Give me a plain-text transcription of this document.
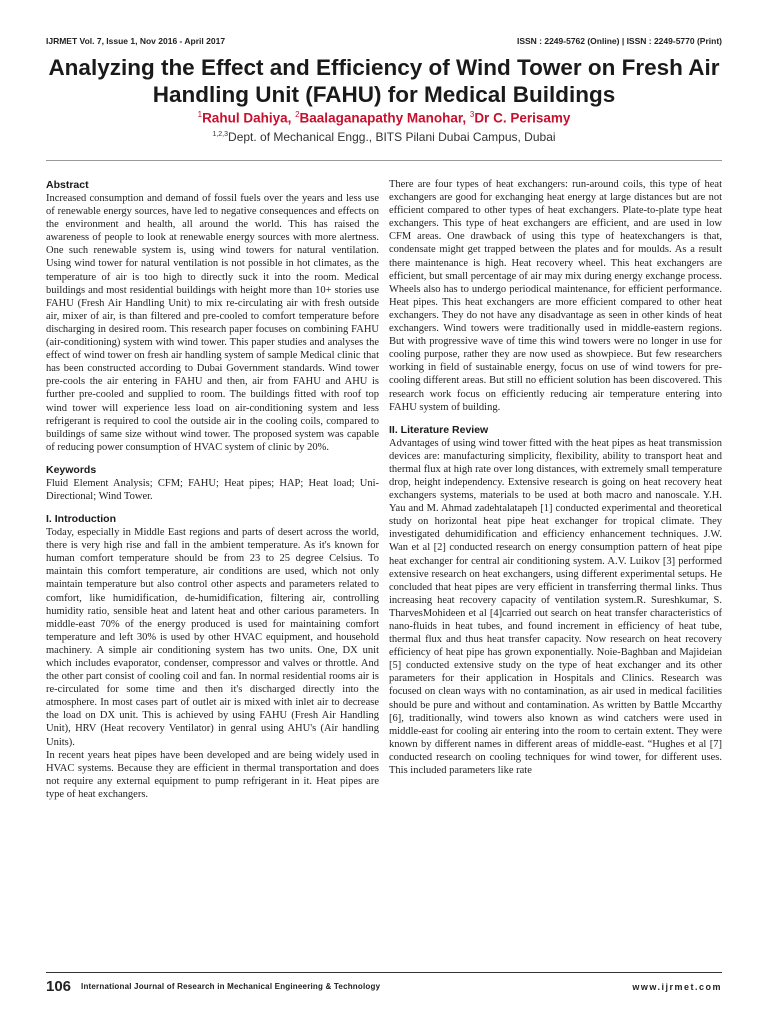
IJRMET Vol. 7, Issue 1, Nov 2016 - April 2017	ISSN : 2249-5762 (Online) | ISSN : 2249-5770 (Print)
Analyzing the Effect and Efficiency of Wind Tower on Fresh Air Handling Unit (FAHU) for Medical Buildings
$^1$Rahul Dahiya, $^2$Baalaganapathy Manohar, $^3$Dr C. Perisamy
$^{1,2,3}$Dept. of Mechanical Engg., BITS Pilani Dubai Campus, Dubai
Abstract

Increased consumption and demand of fossil fuels over the years and less use of renewable energy sources, have led to negative consequences and effects on the environment and health, all around the world. This has raised the awareness of people to look at renewable energy sources with more alertness. One such renewable system is, using wind towers for natural ventilation. Using wind tower for natural ventilation is not possible in hot climates, as the temperature of air is too high to directly suck it into the room. Medical buildings and most residential buildings with height more than 10+ stories use FAHU (Fresh Air Handling Unit) to mix re-circulating air with fresh outside air, mixer of air, is than filtered and pre-cooled to comfort temperature before discharging in desired room. This research paper focuses on combining FAHU (air-conditioning) system with wind tower. This paper studies and analyses the effect of wind tower on fresh air handling system of sample Medical clinic that has been constructed according to Dubai Government standards. Wind tower pre-cools the air entering in FAHU and then, air from FAHU and AHU is further pre-cooled and supplied to room. The buildings fitted with roof top wind tower will experience less load on air-conditioning system and less refrigerant is required to cool the outside air in the cooling coils, compared to buildings of same size without wind tower. The proposed system was capable of reducing power consumption of HVAC system of clinic by 20%.

Keywords

Fluid Element Analysis; CFM; FAHU; Heat pipes; HAP; Heat load; Uni-Directional; Wind Tower.

I. Introduction

Today, especially in Middle East regions and parts of desert across the world, there is very high rise and fall in the ambient temperature. As it's known for human comfort temperature should be from 23 to 25 degree Celsius. To maintain this comfort temperature, air conditions are used, which not only maintain temperature but also control other aspects and parameters related to comfort, like humidification, de-humidification, filtering air, controlling humidity ratio, sensible heat and latent heat and other carious parameters. In middle-east 70% of the energy produced is used for maintaining comfort temperature and left 30% is used by other HVAC equipment, and household machinery. A simple air conditioning system has two units. One, DX unit which includes evaporator, condenser, compressor and valves or throttle. And the other part consist of cooling coil and fan. In normal residential rooms air is re-circulated for some time and then it's discharged directly into the atmosphere. In most cases part of outlet air is mixed with inlet air to decrease the load on DX unit. This is achieved by using FAHU (Fresh Air Handling Unit), HRV (Heat recovery Ventilator) in genral using AHU's (Air handling Units).

In recent years heat pipes have been developed and are being widely used in HVAC systems. Because they are efficient in thermal transportation and does not require any external equipment to pump refrigerant in it. Heat pipes are type of heat exchangers.

There are four types of heat exchangers: run-around coils, this type of heat exchangers are good for exchanging heat energy at large distances but are not efficient compared to other types of heat exchangers. Plate-to-plate type heat exchangers. This type of heat exchangers are efficient, and are used in low CFM areas. One drawback of using this type of heatexchangers is that, condensate might get trapped between the plates and for moulds. As a result there maintenance is high. Heat recovery wheel. This heat exchangers are efficient, but small percentage of air may mix during energy exchange process. Wheels also has to undergo periodical maintenance, for efficient performance. Heat pipes. This heat exchangers are more efficient compared to other heat exchangers. They do not have any disadvantage as seen in other kinds of heat exchangers. Wind towers were traditionally used in middle-eastern regions. But with progressive wave of time this wind towers were no longer in use for cooling purpose, rather they are now used as showpiece. But few researchers working in field of sustainable energy, focus on use of wind towers for pre-cooling different areas. But still no efficient solution has been discovered. This research work focus on efficiently reducing air temperature entering into FAHU system of building.

II. Literature Review

Advantages of using wind tower fitted with the heat pipes as heat transmission devices are: manufacturing simplicity, flexibility, ability to transport heat and thermal flux at high rate over long distances, with extremely small temperature drop, height independency. Extensive research is going on heat recovery heat exchangers systems, materials to be used at both macro and nanoscale. Y.H. Yau and M. Ahmad zadehtalatapeh [1] conducted experimental and theoretical study on horizontal heat pipe heat exchanger for tropical climate. They investigated dehumidification and efficiency enhancement techniques. J.W. Wan et al [2] conducted research on energy consumption pattern of heat pipe heat exchanger for central air conditioning system. A.V. Luikov [3] performed extensive research on heat exchangers, using different experimental setups. He concluded that heat pipes are very efficient in transferring thermal links. Thus increasing heat recovery capacity of ventilation system.R. Sureshkumar, S. TharvesMohideen et al [4]carried out search on heat transfer characteristics of nano-fluids in heat tubes, and found increment in efficiency of heat tube, thermal flux and thus heat transfer capacity. Now research on heat recovery efficiency of heat pipe has grown exponentially. Noie-Baghban and Majideian [5] conducted extensive study on the type of heat exchanger and its other parameters for their application in Hospitals and Clinics. Research was focused on clean ways with no contamination, as air used in medical facilities should be pure and without and contamination. As written by Battle Mccarthy [6], traditionally, wind towers also known as wind catchers were used in middle-east for cooling air entering into the room to certain extent. They were known by different names in different areas of middle-east. “Hughes et al [7] conducted research on cooling techniques for wind tower, for different uses. This included parameters like rate

106 International Journal of Research in Mechanical Engineering & Technology	www.ijrmet.com
